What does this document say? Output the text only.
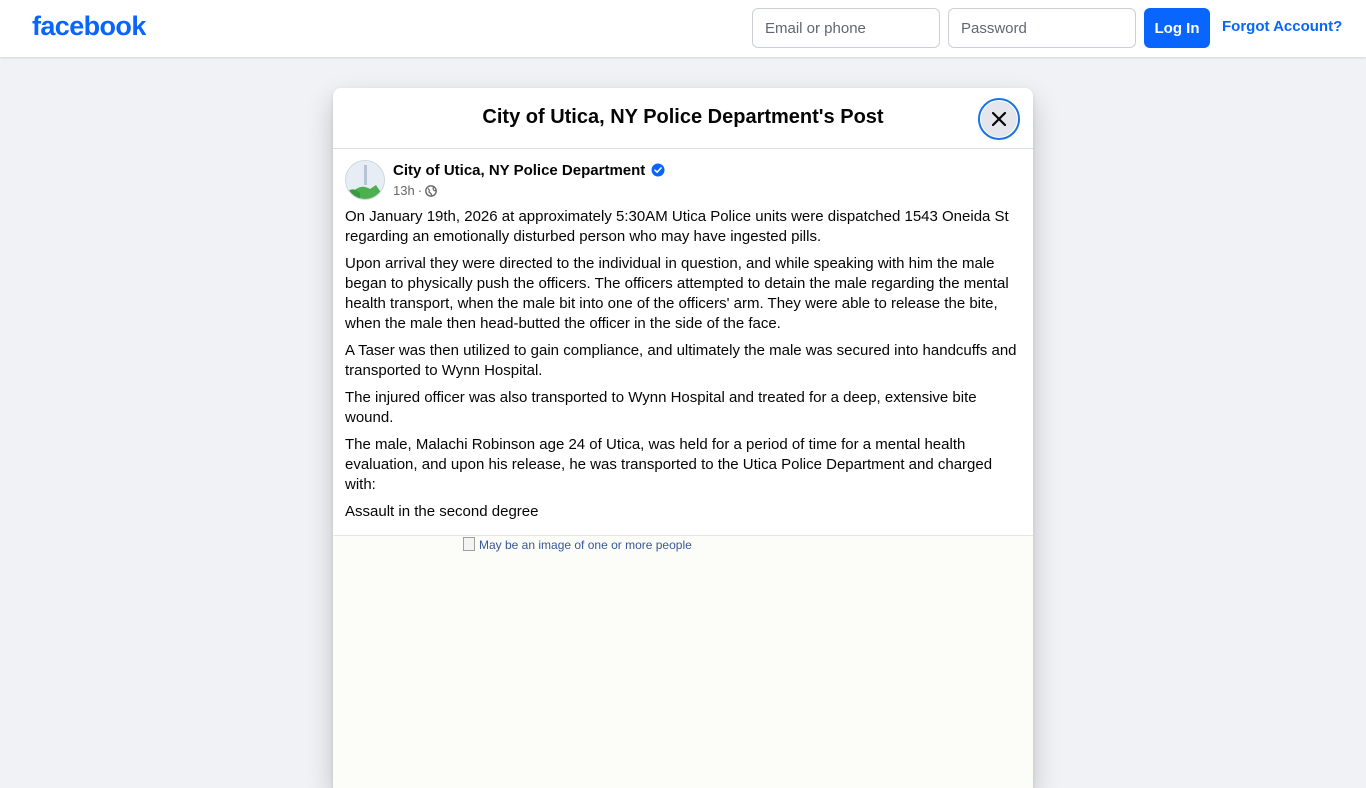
facebook
Email or phone	Log In	Forgot Account?
City of Utica, NY Police Department's Post
City of Utica, NY Police Department
13h ·

On January 19th, 2026 at approximately 5:30AM Utica Police units were dispatched 1543 Oneida St regarding an emotionally disturbed person who may have ingested pills.

Upon arrival they were directed to the individual in question, and while speaking with him the male began to physically push the officers. The officers attempted to detain the male regarding the mental health transport, when the male bit into one of the officers' arm. They were able to release the bite, when the male then head-butted the officer in the side of the face.

A Taser was then utilized to gain compliance, and ultimately the male was secured into handcuffs and transported to Wynn Hospital.

The injured officer was also transported to Wynn Hospital and treated for a deep, extensive bite wound.

The male, Malachi Robinson age 24 of Utica, was held for a period of time for a mental health evaluation, and upon his release, he was transported to the Utica Police Department and charged with:

Assault in the second degree

May be an image of one or more people
